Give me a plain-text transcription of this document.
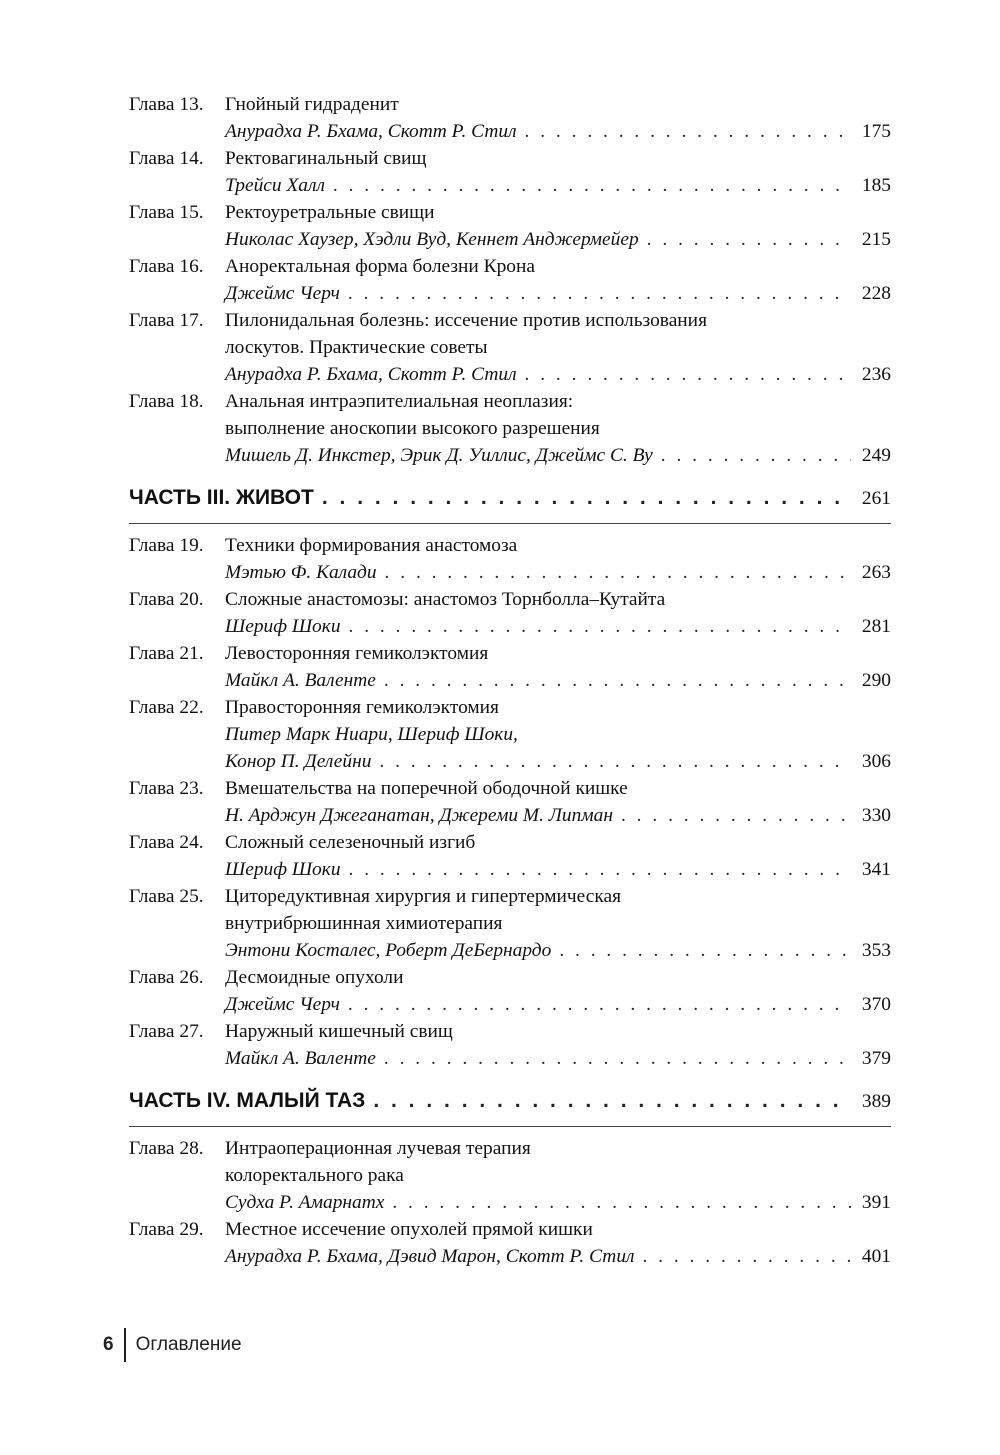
Глава 13.	Гнойный гидраденит
Анурадха Р. Бхама, Скотт Р. Стил . . .	175
Глава 14.	Ректовагинальный свищ
Трейси Халл . . .	185
Глава 15.	Ректоуретральные свищи
Николас Хаузер, Хэдли Вуд, Кеннет Анджермейер . . .	215
Глава 16.	Аноректальная форма болезни Крона
Джеймс Черч . . .	228
Глава 17.	Пилонидальная болезнь: иссечение против использования
лоскутов. Практические советы
Анурадха Р. Бхама, Скотт Р. Стил . . .	236
Глава 18.	Анальная интраэпителиальная неоплазия:
выполнение аноскопии высокого разрешения
Мишель Д. Инкстер, Эрик Д. Уиллис, Джеймс С. Ву . . .	249
ЧАСТЬ III. ЖИВОТ . . .	261
Глава 19.	Техники формирования анастомоза
Мэтью Ф. Калади . . .	263
Глава 20.	Сложные анастомозы: анастомоз Торнболла–Кутайта
Шериф Шоки . . .	281
Глава 21.	Левосторонняя гемиколэктомия
Майкл А. Валенте . . .	290
Глава 22.	Правосторонняя гемиколэктомия
Питер Марк Ниари, Шериф Шоки,
Конор П. Делейни . . .	306
Глава 23.	Вмешательства на поперечной ободочной кишке
Н. Арджун Джеганатан, Джереми М. Липман . . .	330
Глава 24.	Сложный селезеночный изгиб
Шериф Шоки . . .	341
Глава 25.	Циторедуктивная хирургия и гипертермическая
внутрибрюшинная химиотерапия
Энтони Косталес, Роберт ДеБернардо . . .	353
Глава 26.	Десмоидные опухоли
Джеймс Черч . . .	370
Глава 27.	Наружный кишечный свищ
Майкл А. Валенте . . .	379
ЧАСТЬ IV. МАЛЫЙ ТАЗ . . .	389
Глава 28.	Интраоперационная лучевая терапия
колоректального рака
Судха Р. Амарнатх . . .	391
Глава 29.	Местное иссечение опухолей прямой кишки
Анурадха Р. Бхама, Дэвид Марон, Скотт Р. Стил . . .	401
6 Оглавление
